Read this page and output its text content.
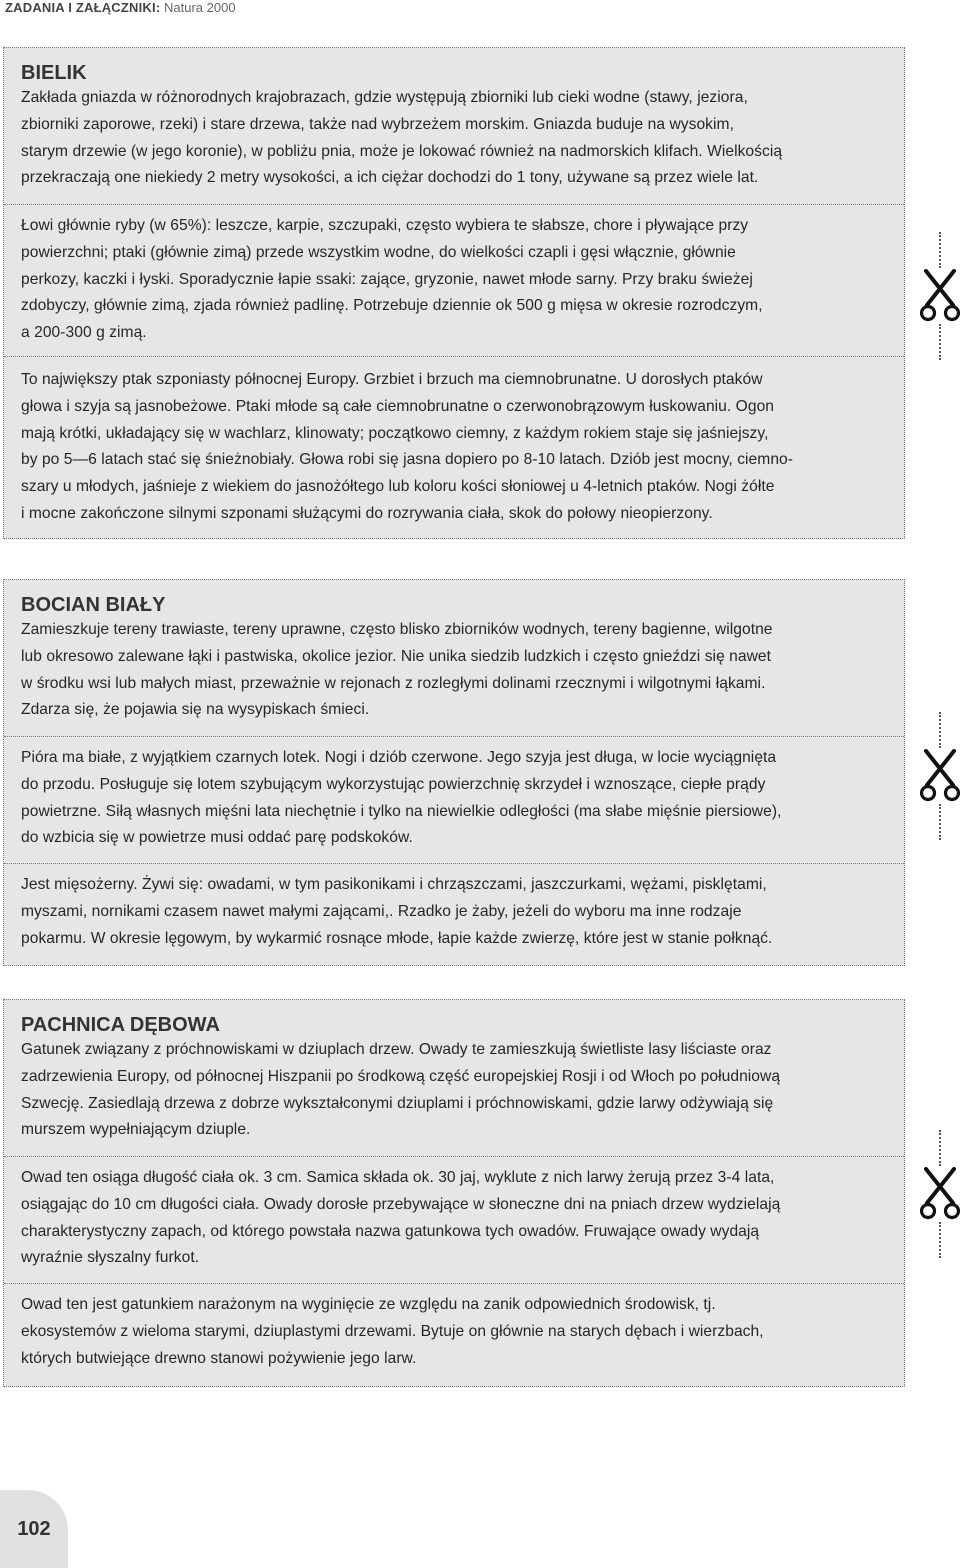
ZADANIA I ZAŁĄCZNIKI: Natura 2000
BIELIK

Zakłada gniazda w różnorodnych krajobrazach, gdzie występują zbiorniki lub cieki wodne (stawy, jeziora,

zbiorniki zaporowe, rzeki) i stare drzewa, także nad wybrzeżem morskim. Gniazda buduje na wysokim,

starym drzewie (w jego koronie), w pobliżu pnia, może je lokować również na nadmorskich klifach. Wielkością

przekraczają one niekiedy 2 metry wysokości, a ich ciężar dochodzi do 1 tony, używane są przez wiele lat.

Łowi głównie ryby (w 65%): leszcze, karpie, szczupaki, często wybiera te słabsze, chore i pływające przy

powierzchni; ptaki (głównie zimą) przede wszystkim wodne, do wielkości czapli i gęsi włącznie, głównie

perkozy, kaczki i łyski. Sporadycznie łapie ssaki: zające, gryzonie, nawet młode sarny. Przy braku świeżej

zdobyczy, głównie zimą, zjada również padlinę. Potrzebuje dziennie ok 500 g mięsa w okresie rozrodczym,

a 200-300 g zimą.

To największy ptak szponiasty północnej Europy. Grzbiet i brzuch ma ciemnobrunatne. U dorosłych ptaków

głowa i szyja są jasnobeżowe. Ptaki młode są całe ciemnobrunatne o czerwonobrązowym łuskowaniu. Ogon

mają krótki, układający się w wachlarz, klinowaty; początkowo ciemny, z każdym rokiem staje się jaśniejszy,

by po 5—6 latach stać się śnieżnobiały. Głowa robi się jasna dopiero po 8-10 latach. Dziób jest mocny, ciemno-

szary u młodych, jaśnieje z wiekiem do jasnożółtego lub koloru kości słoniowej u 4-letnich ptaków. Nogi żółte

i mocne zakończone silnymi szponami służącymi do rozrywania ciała, skok do połowy nieopierzony.

BOCIAN BIAŁY

Zamieszkuje tereny trawiaste, tereny uprawne, często blisko zbiorników wodnych, tereny bagienne, wilgotne

lub okresowo zalewane łąki i pastwiska, okolice jezior. Nie unika siedzib ludzkich i często gnieździ się nawet

w środku wsi lub małych miast, przeważnie w rejonach z rozległymi dolinami rzecznymi i wilgotnymi łąkami.

Zdarza się, że pojawia się na wysypiskach śmieci.

Pióra ma białe, z wyjątkiem czarnych lotek. Nogi i dziób czerwone. Jego szyja jest długa, w locie wyciągnięta

do przodu. Posługuje się lotem szybującym wykorzystując powierzchnię skrzydeł i wznoszące, ciepłe prądy

powietrzne. Siłą własnych mięśni lata niechętnie i tylko na niewielkie odległości (ma słabe mięśnie piersiowe),

do wzbicia się w powietrze musi oddać parę podskoków.

Jest mięsożerny. Żywi się: owadami, w tym pasikonikami i chrząszczami, jaszczurkami, wężami, pisklętami,

myszami, nornikami czasem nawet małymi zającami,. Rzadko je żaby, jeżeli do wyboru ma inne rodzaje

pokarmu. W okresie lęgowym, by wykarmić rosnące młode, łapie każde zwierzę, które jest w stanie połknąć.

PACHNICA DĘBOWA

Gatunek związany z próchnowiskami w dziuplach drzew. Owady te zamieszkują świetliste lasy liściaste oraz

zadrzewienia Europy, od północnej Hiszpanii po środkową część europejskiej Rosji i od Włoch po południową

Szwecję. Zasiedlają drzewa z dobrze wykształconymi dziuplami i próchnowiskami, gdzie larwy odżywiają się

murszem wypełniającym dziuple.

Owad ten osiąga długość ciała ok. 3 cm. Samica składa ok. 30 jaj, wyklute z nich larwy żerują przez 3-4 lata,

osiągając do 10 cm długości ciała. Owady dorosłe przebywające w słoneczne dni na pniach drzew wydzielają

charakterystyczny zapach, od którego powstała nazwa gatunkowa tych owadów. Fruwające owady wydają

wyraźnie słyszalny furkot.

Owad ten jest gatunkiem narażonym na wyginięcie ze względu na zanik odpowiednich środowisk, tj.

ekosystemów z wieloma starymi, dziuplastymi drzewami. Bytuje on głównie na starych dębach i wierzbach,

których butwiejące drewno stanowi pożywienie jego larw.

102
